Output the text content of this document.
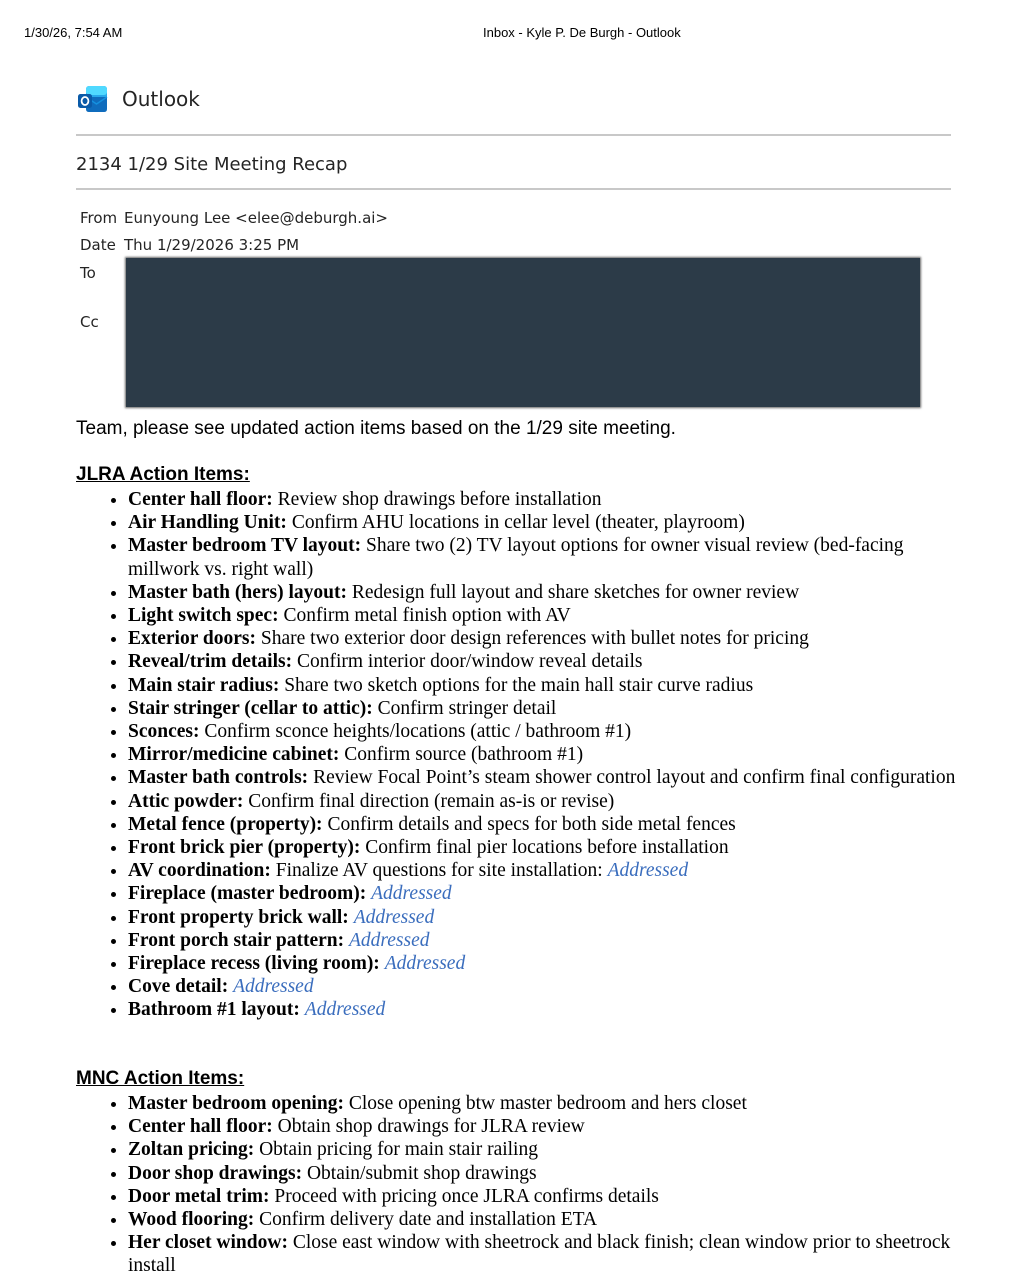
1/30/26, 7:54 AM	Inbox - Kyle P. De Burgh - Outlook
Outlook
2134 1/29 Site Meeting Recap
From Eunyoung Lee <elee@deburgh.ai>
Date Thu 1/29/2026 3:25 PM
To
Cc
Team, please see updated action items based on the 1/29 site meeting.
JLRA Action Items:
• Center hall floor: Review shop drawings before installation
• Air Handling Unit: Confirm AHU locations in cellar level (theater, playroom)
• Master bedroom TV layout: Share two (2) TV layout options for owner visual review (bed-facing millwork vs. right wall)
• Master bath (hers) layout: Redesign full layout and share sketches for owner review
• Light switch spec: Confirm metal finish option with AV
• Exterior doors: Share two exterior door design references with bullet notes for pricing
• Reveal/trim details: Confirm interior door/window reveal details
• Main stair radius: Share two sketch options for the main hall stair curve radius
• Stair stringer (cellar to attic): Confirm stringer detail
• Sconces: Confirm sconce heights/locations (attic / bathroom #1)
• Mirror/medicine cabinet: Confirm source (bathroom #1)
• Master bath controls: Review Focal Point’s steam shower control layout and confirm final configuration
• Attic powder: Confirm final direction (remain as-is or revise)
• Metal fence (property): Confirm details and specs for both side metal fences
• Front brick pier (property): Confirm final pier locations before installation
• AV coordination: Finalize AV questions for site installation: Addressed
• Fireplace (master bedroom): Addressed
• Front property brick wall: Addressed
• Front porch stair pattern: Addressed
• Fireplace recess (living room): Addressed
• Cove detail: Addressed
• Bathroom #1 layout: Addressed
MNC Action Items:
• Master bedroom opening: Close opening btw master bedroom and hers closet
• Center hall floor: Obtain shop drawings for JLRA review
• Zoltan pricing: Obtain pricing for main stair railing
• Door shop drawings: Obtain/submit shop drawings
• Door metal trim: Proceed with pricing once JLRA confirms details
• Wood flooring: Confirm delivery date and installation ETA
• Her closet window: Close east window with sheetrock and black finish; clean window prior to sheetrock install
